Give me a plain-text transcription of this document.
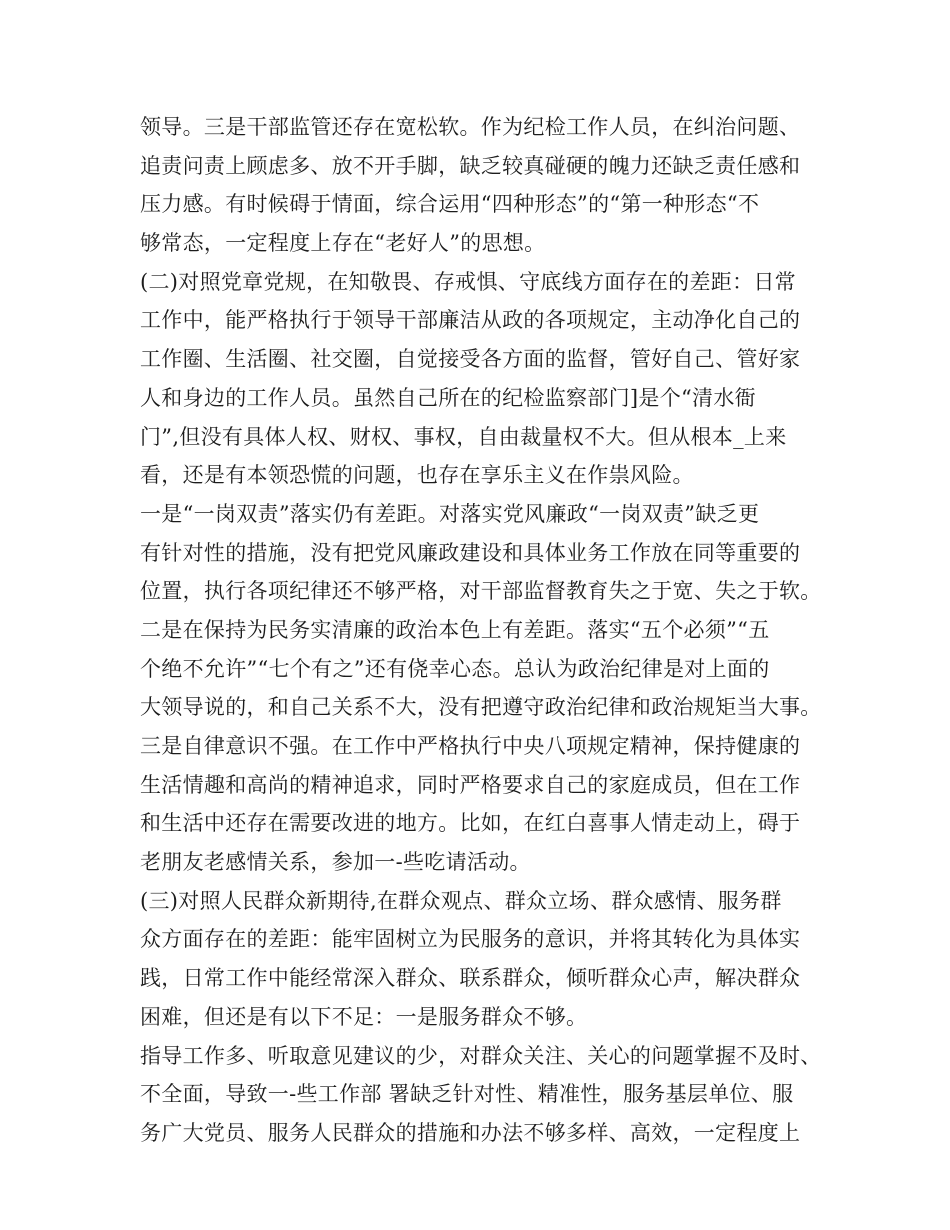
领导。三是干部监管还存在宽松软。作为纪检工作人员，在纠治问题、
追责问责上顾虑多、放不开手脚，缺乏较真碰硬的魄力还缺乏责任感和
压力感。有时候碍于情面，综合运用“四种形态”的“第一种形态“不
够常态，一定程度上存在“老好人”的思想。
(二)对照党章党规，在知敬畏、存戒惧、守底线方面存在的差距：日常
工作中，能严格执行于领导干部廉洁从政的各项规定，主动净化自己的
工作圈、生活圈、社交圈，自觉接受各方面的监督，管好自己、管好家
人和身边的工作人员。虽然自己所在的纪检监察部门]是个“清水衙
门”,但没有具体人权、财权、事权，自由裁量权不大。但从根本_上来
看，还是有本领恐慌的问题，也存在享乐主义在作祟风险。
一是“一岗双责”落实仍有差距。对落实党风廉政“一岗双责”缺乏更
有针对性的措施，没有把党风廉政建设和具体业务工作放在同等重要的
位置，执行各项纪律还不够严格，对干部监督教育失之于宽、失之于软。
二是在保持为民务实清廉的政治本色上有差距。落实“五个必须”“五
个绝不允许”“七个有之”还有侥幸心态。总认为政治纪律是对上面的
大领导说的，和自己关系不大，没有把遵守政治纪律和政治规矩当大事。
三是自律意识不强。在工作中严格执行中央八项规定精神，保持健康的
生活情趣和高尚的精神追求，同时严格要求自己的家庭成员，但在工作
和生活中还存在需要改进的地方。比如，在红白喜事人情走动上，碍于
老朋友老感情关系，参加一-些吃请活动。
(三)对照人民群众新期待,在群众观点、群众立场、群众感情、服务群
众方面存在的差距：能牢固树立为民服务的意识，并将其转化为具体实
践，日常工作中能经常深入群众、联系群众，倾听群众心声，解决群众
困难，但还是有以下不足：一是服务群众不够。
指导工作多、听取意见建议的少，对群众关注、关心的问题掌握不及时、
不全面，导致一-些工作部 署缺乏针对性、精准性，服务基层单位、服
务广大党员、服务人民群众的措施和办法不够多样、高效，一定程度上
